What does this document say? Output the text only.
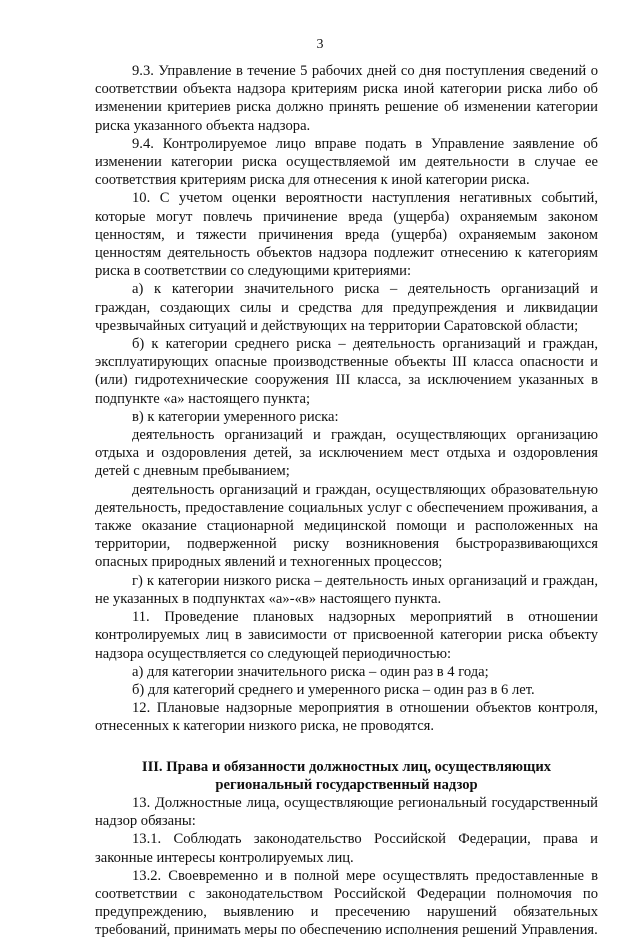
3

9.3. Управление в течение 5 рабочих дней со дня поступления сведений о соответствии объекта надзора критериям риска иной категории риска либо об изменении критериев риска должно принять решение об изменении категории риска указанного объекта надзора.

9.4. Контролируемое лицо вправе подать в Управление заявление об изменении категории риска осуществляемой им деятельности в случае ее соответствия критериям риска для отнесения к иной категории риска.

10. С учетом оценки вероятности наступления негативных событий, которые могут повлечь причинение вреда (ущерба) охраняемым законом ценностям, и тяжести причинения вреда (ущерба) охраняемым законом ценностям деятельность объектов надзора подлежит отнесению к категориям риска в соответствии со следующими критериями:

а) к категории значительного риска – деятельность организаций и граждан, создающих силы и средства для предупреждения и ликвидации чрезвычайных ситуаций и действующих на территории Саратовской области;

б) к категории среднего риска – деятельность организаций и граждан, эксплуатирующих опасные производственные объекты III класса опасности и (или) гидротехнические сооружения III класса, за исключением указанных в подпункте «а» настоящего пункта;

в) к категории умеренного риска:

деятельность организаций и граждан, осуществляющих организацию отдыха и оздоровления детей, за исключением мест отдыха и оздоровления детей с дневным пребыванием;

деятельность организаций и граждан, осуществляющих образовательную деятельность, предоставление социальных услуг с обеспечением проживания, а также оказание стационарной медицинской помощи и расположенных на территории, подверженной риску возникновения быстроразвивающихся опасных природных явлений и техногенных процессов;

г) к категории низкого риска – деятельность иных организаций и граждан, не указанных в подпунктах «а»-«в» настоящего пункта.

11. Проведение плановых надзорных мероприятий в отношении контролируемых лиц в зависимости от присвоенной категории риска объекту надзора осуществляется со следующей периодичностью:

а) для категории значительного риска – один раз в 4 года;

б) для категорий среднего и умеренного риска – один раз в 6 лет.

12. Плановые надзорные мероприятия в отношении объектов контроля, отнесенных к категории низкого риска, не проводятся.

III. Права и обязанности должностных лиц, осуществляющих
региональный государственный надзор

13. Должностные лица, осуществляющие региональный государственный надзор обязаны:

13.1. Соблюдать законодательство Российской Федерации, права и законные интересы контролируемых лиц.

13.2. Своевременно и в полной мере осуществлять предоставленные в соответствии с законодательством Российской Федерации полномочия по предупреждению, выявлению и пресечению нарушений обязательных требований, принимать меры по обеспечению исполнения решений Управления.
